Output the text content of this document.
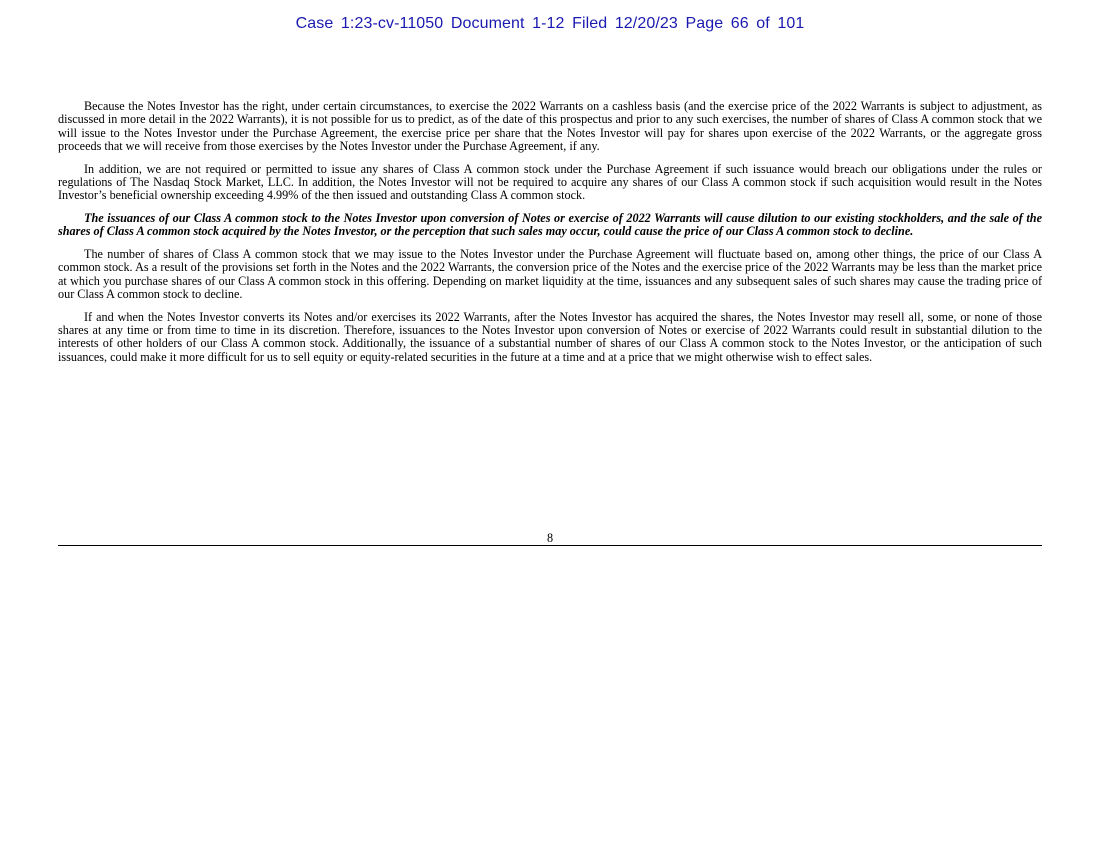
Case 1:23-cv-11050 Document 1-12 Filed 12/20/23 Page 66 of 101

Because the Notes Investor has the right, under certain circumstances, to exercise the 2022 Warrants on a cashless basis (and the exercise price of the 2022 Warrants is subject to adjustment, as discussed in more detail in the 2022 Warrants), it is not possible for us to predict, as of the date of this prospectus and prior to any such exercises, the number of shares of Class A common stock that we will issue to the Notes Investor under the Purchase Agreement, the exercise price per share that the Notes Investor will pay for shares upon exercise of the 2022 Warrants, or the aggregate gross proceeds that we will receive from those exercises by the Notes Investor under the Purchase Agreement, if any.

In addition, we are not required or permitted to issue any shares of Class A common stock under the Purchase Agreement if such issuance would breach our obligations under the rules or regulations of The Nasdaq Stock Market, LLC. In addition, the Notes Investor will not be required to acquire any shares of our Class A common stock if such acquisition would result in the Notes Investor’s beneficial ownership exceeding 4.99% of the then issued and outstanding Class A common stock.

The issuances of our Class A common stock to the Notes Investor upon conversion of Notes or exercise of 2022 Warrants will cause dilution to our existing stockholders, and the sale of the shares of Class A common stock acquired by the Notes Investor, or the perception that such sales may occur, could cause the price of our Class A common stock to decline.

The number of shares of Class A common stock that we may issue to the Notes Investor under the Purchase Agreement will fluctuate based on, among other things, the price of our Class A common stock. As a result of the provisions set forth in the Notes and the 2022 Warrants, the conversion price of the Notes and the exercise price of the 2022 Warrants may be less than the market price at which you purchase shares of our Class A common stock in this offering. Depending on market liquidity at the time, issuances and any subsequent sales of such shares may cause the trading price of our Class A common stock to decline.

If and when the Notes Investor converts its Notes and/or exercises its 2022 Warrants, after the Notes Investor has acquired the shares, the Notes Investor may resell all, some, or none of those shares at any time or from time to time in its discretion. Therefore, issuances to the Notes Investor upon conversion of Notes or exercise of 2022 Warrants could result in substantial dilution to the interests of other holders of our Class A common stock. Additionally, the issuance of a substantial number of shares of our Class A common stock to the Notes Investor, or the anticipation of such issuances, could make it more difficult for us to sell equity or equity-related securities in the future at a time and at a price that we might otherwise wish to effect sales.

8
